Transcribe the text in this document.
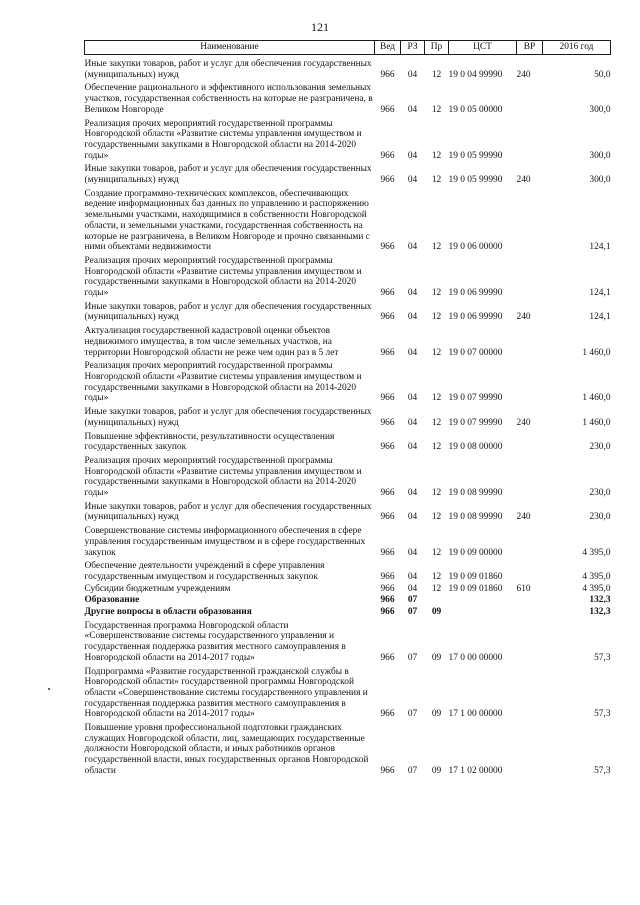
121
Наименование	Вед	РЗ	Пр	ЦСТ	ВР	2016 год
Иные закупки товаров, работ и услуг для обеспечения государственных (муниципальных) нужд	966	04	12	19 0 04 99990	240	50,0
Обеспечение рационального и эффективного использования земельных участков, государственная собственность на которые не разграничена, в Великом Новгороде	966	04	12	19 0 05 00000		300,0
Реализация прочих мероприятий государственной программы Новгородской области «Развитие системы управления имуществом и государственными закупками в Новгородской области на 2014-2020 годы»	966	04	12	19 0 05 99990		300,0
Иные закупки товаров, работ и услуг для обеспечения государственных (муниципальных) нужд	966	04	12	19 0 05 99990	240	300,0
Создание программно-технических комплексов, обеспечивающих ведение информационных баз данных по управлению и распоряжению земельными участками, находящимися в собственности Новгородской области, и земельными участками, государственная собственность на которые не разграничена, в Великом Новгороде и прочно связанными с ними объектами недвижимости	966	04	12	19 0 06 00000		124,1
Реализация прочих мероприятий государственной программы Новгородской области «Развитие системы управления имуществом и государственными закупками в Новгородской области на 2014-2020 годы»	966	04	12	19 0 06 99990		124,1
Иные закупки товаров, работ и услуг для обеспечения государственных (муниципальных) нужд	966	04	12	19 0 06 99990	240	124,1
Актуализация государственной кадастровой оценки объектов недвижимого имущества, в том числе земельных участков, на территории Новгородской области не реже чем один раз в 5 лет	966	04	12	19 0 07 00000		1 460,0
Реализация прочих мероприятий государственной программы Новгородской области «Развитие системы управления имуществом и государственными закупками в Новгородской области на 2014-2020 годы»	966	04	12	19 0 07 99990		1 460,0
Иные закупки товаров, работ и услуг для обеспечения государственных (муниципальных) нужд	966	04	12	19 0 07 99990	240	1 460,0
Повышение эффективности, результативности осуществления государственных закупок	966	04	12	19 0 08 00000		230,0
Реализация прочих мероприятий государственной программы Новгородской области «Развитие системы управления имуществом и государственными закупками в Новгородской области на 2014-2020 годы»	966	04	12	19 0 08 99990		230,0
Иные закупки товаров, работ и услуг для обеспечения государственных (муниципальных) нужд	966	04	12	19 0 08 99990	240	230,0
Совершенствование системы информационного обеспечения в сфере управления государственным имуществом и в сфере государственных закупок	966	04	12	19 0 09 00000		4 395,0
Обеспечение деятельности учреждений в сфере управления государственным имуществом и государственных закупок	966	04	12	19 0 09 01860		4 395,0
Субсидии бюджетным учреждениям	966	04	12	19 0 09 01860	610	4 395,0
Образование	966	07				132,3
Другие вопросы в области образования	966	07	09			132,3
Государственная программа Новгородской области «Совершенствование системы государственного управления и государственная поддержка развития местного самоуправления в Новгородской области на 2014-2017 годы»	966	07	09	17 0 00 00000		57,3
Подпрограмма «Развитие государственной гражданской службы в Новгородской области» государственной программы Новгородской области «Совершенствование системы государственного управления и государственная поддержка развития местного самоуправления в Новгородской области на 2014-2017 годы»	966	07	09	17 1 00 00000		57,3
Повышение уровня профессиональной подготовки гражданских служащих Новгородской области, лиц, замещающих государственные должности Новгородской области, и иных работников органов государственной власти, иных государственных органов Новгородской области	966	07	09	17 1 02 00000		57,3
